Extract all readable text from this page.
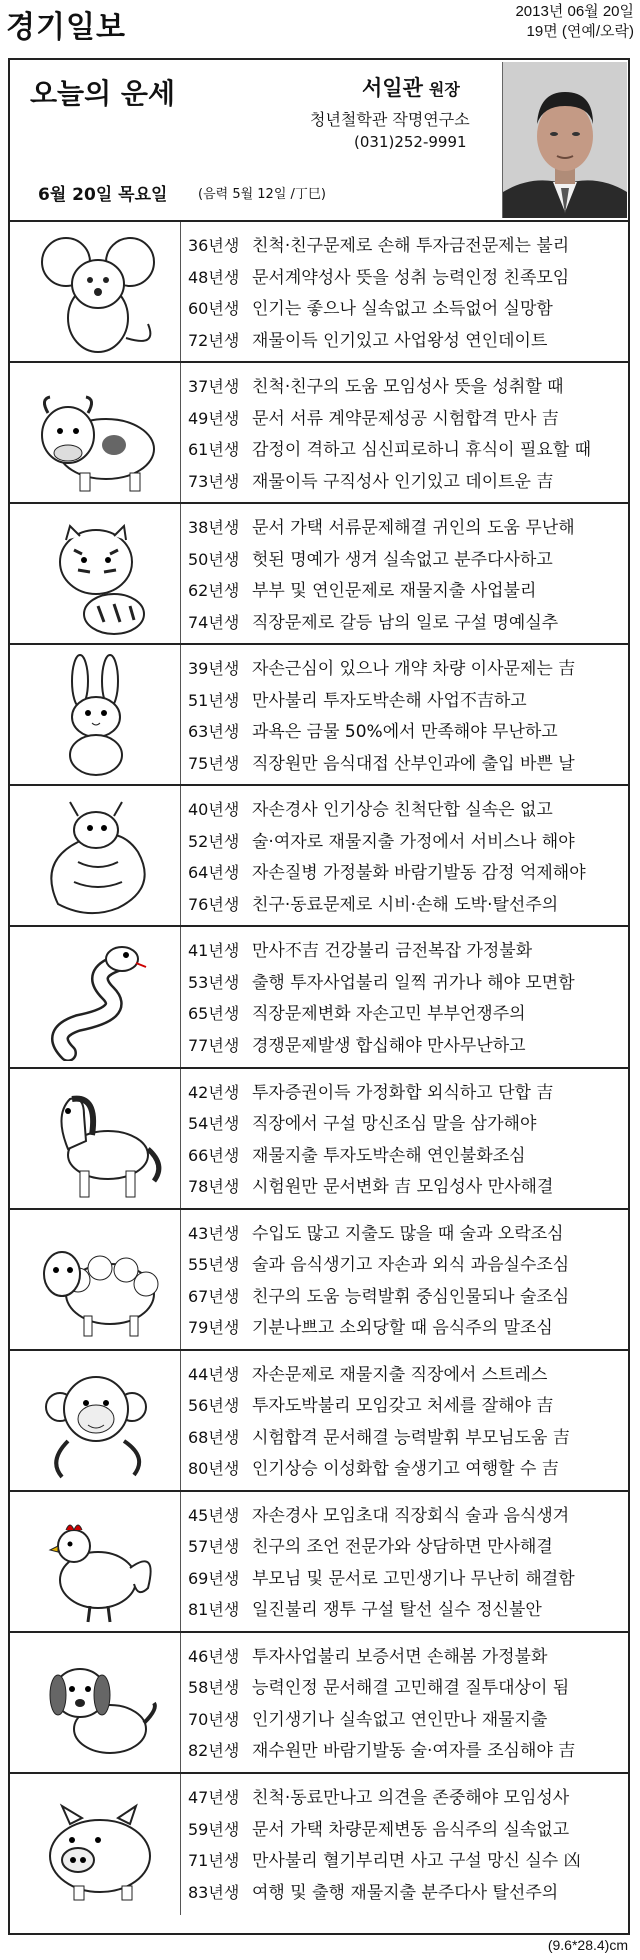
경기일보	2013년 06월 20일
19면 (연예/오락)
오늘의 운세	서일관 원장
청년철학관 작명연구소
(031)252-9991
6월 20일 목요일 (음력 5월 12일 /丁巳)
36년생 친척·친구문제로 손해 투자금전문제는 불리
48년생 문서계약성사 뜻을 성취 능력인정 친족모임
60년생 인기는 좋으나 실속없고 소득없어 실망함
72년생 재물이득 인기있고 사업왕성 연인데이트
37년생 친척·친구의 도움 모임성사 뜻을 성취할 때
49년생 문서 서류 계약문제성공 시험합격 만사 吉
61년생 감정이 격하고 심신피로하니 휴식이 필요할 때
73년생 재물이득 구직성사 인기있고 데이트운 吉
38년생 문서 가택 서류문제해결 귀인의 도움 무난해
50년생 헛된 명예가 생겨 실속없고 분주다사하고
62년생 부부 및 연인문제로 재물지출 사업불리
74년생 직장문제로 갈등 남의 일로 구설 명예실추
39년생 자손근심이 있으나 개약 차량 이사문제는 吉
51년생 만사불리 투자도박손해 사업不吉하고
63년생 과욕은 금물 50%에서 만족해야 무난하고
75년생 직장원만 음식대접 산부인과에 출입 바쁜 날
40년생 자손경사 인기상승 친척단합 실속은 없고
52년생 술·여자로 재물지출 가정에서 서비스나 해야
64년생 자손질병 가정불화 바람기발동 감정 억제해야
76년생 친구·동료문제로 시비·손해 도박·탈선주의
41년생 만사不吉 건강불리 금전복잡 가정불화
53년생 출행 투자사업불리 일찍 귀가나 해야 모면함
65년생 직장문제변화 자손고민 부부언쟁주의
77년생 경쟁문제발생 합십해야 만사무난하고
42년생 투자증권이득 가정화합 외식하고 단합 吉
54년생 직장에서 구설 망신조심 말을 삼가해야
66년생 재물지출 투자도박손해 연인불화조심
78년생 시험원만 문서변화 吉 모임성사 만사해결
43년생 수입도 많고 지출도 많을 때 술과 오락조심
55년생 술과 음식생기고 자손과 외식 과음실수조심
67년생 친구의 도움 능력발휘 중심인물되나 술조심
79년생 기분나쁘고 소외당할 때 음식주의 말조심
44년생 자손문제로 재물지출 직장에서 스트레스
56년생 투자도박불리 모임갖고 처세를 잘해야 吉
68년생 시험합격 문서해결 능력발휘 부모님도움 吉
80년생 인기상승 이성화합 술생기고 여행할 수 吉
45년생 자손경사 모임초대 직장회식 술과 음식생겨
57년생 친구의 조언 전문가와 상담하면 만사해결
69년생 부모님 및 문서로 고민생기나 무난히 해결함
81년생 일진불리 쟁투 구설 탈선 실수 정신불안
46년생 투자사업불리 보증서면 손해봄 가정불화
58년생 능력인정 문서해결 고민해결 질투대상이 됨
70년생 인기생기나 실속없고 연인만나 재물지출
82년생 재수원만 바람기발동 술·여자를 조심해야 吉
47년생 친척·동료만나고 의견을 존중해야 모임성사
59년생 문서 가택 차량문제변동 음식주의 실속없고
71년생 만사불리 혈기부리면 사고 구설 망신 실수 凶
83년생 여행 및 출행 재물지출 분주다사 탈선주의
(9.6*28.4)cm
